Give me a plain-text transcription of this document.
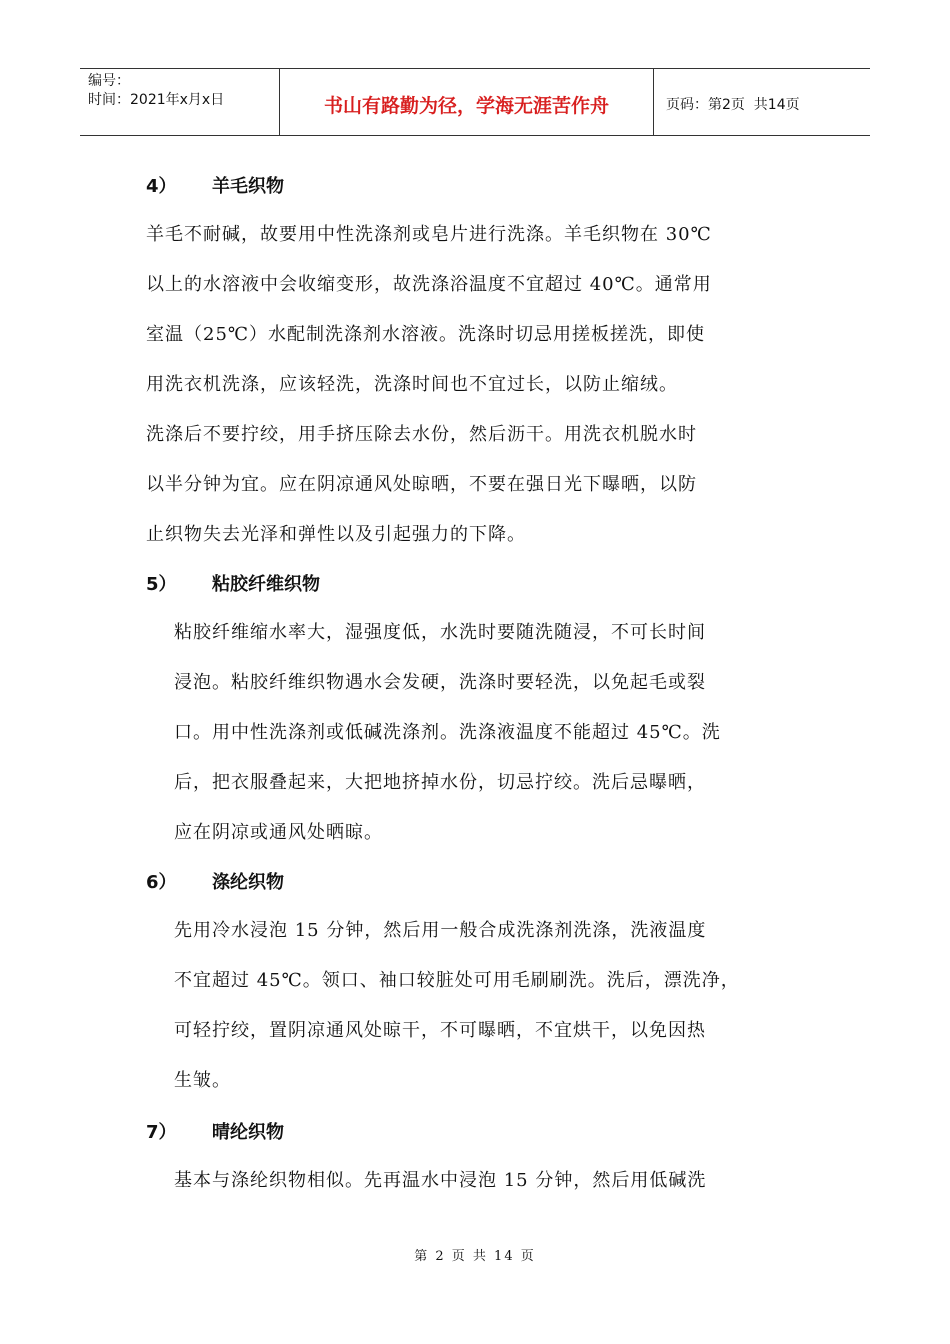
编号：
时间：2021年x月x日	书山有路勤为径，学海无涯苦作舟	页码：第2页  共14页
4） 羊毛织物
羊毛不耐碱，故要用中性洗涤剂或皂片进行洗涤。羊毛织物在 30℃
以上的水溶液中会收缩变形，故洗涤浴温度不宜超过 40℃。通常用
室温（25℃）水配制洗涤剂水溶液。洗涤时切忌用搓板搓洗，即使
用洗衣机洗涤，应该轻洗，洗涤时间也不宜过长，以防止缩绒。
洗涤后不要拧绞，用手挤压除去水份，然后沥干。用洗衣机脱水时
以半分钟为宜。应在阴凉通风处晾晒，不要在强日光下曝晒，以防
止织物失去光泽和弹性以及引起强力的下降。
5） 粘胶纤维织物
粘胶纤维缩水率大，湿强度低，水洗时要随洗随浸，不可长时间
浸泡。粘胶纤维织物遇水会发硬，洗涤时要轻洗，以免起毛或裂
口。用中性洗涤剂或低碱洗涤剂。洗涤液温度不能超过 45℃。洗
后，把衣服叠起来，大把地挤掉水份，切忌拧绞。洗后忌曝晒，
应在阴凉或通风处晒晾。
6） 涤纶织物
先用冷水浸泡 15 分钟，然后用一般合成洗涤剂洗涤，洗液温度
不宜超过 45℃。领口、袖口较脏处可用毛刷刷洗。洗后，漂洗净，
可轻拧绞，置阴凉通风处晾干，不可曝晒，不宜烘干，以免因热
生皱。
7） 晴纶织物
基本与涤纶织物相似。先再温水中浸泡 15 分钟，然后用低碱洗
第 2 页 共 14 页
